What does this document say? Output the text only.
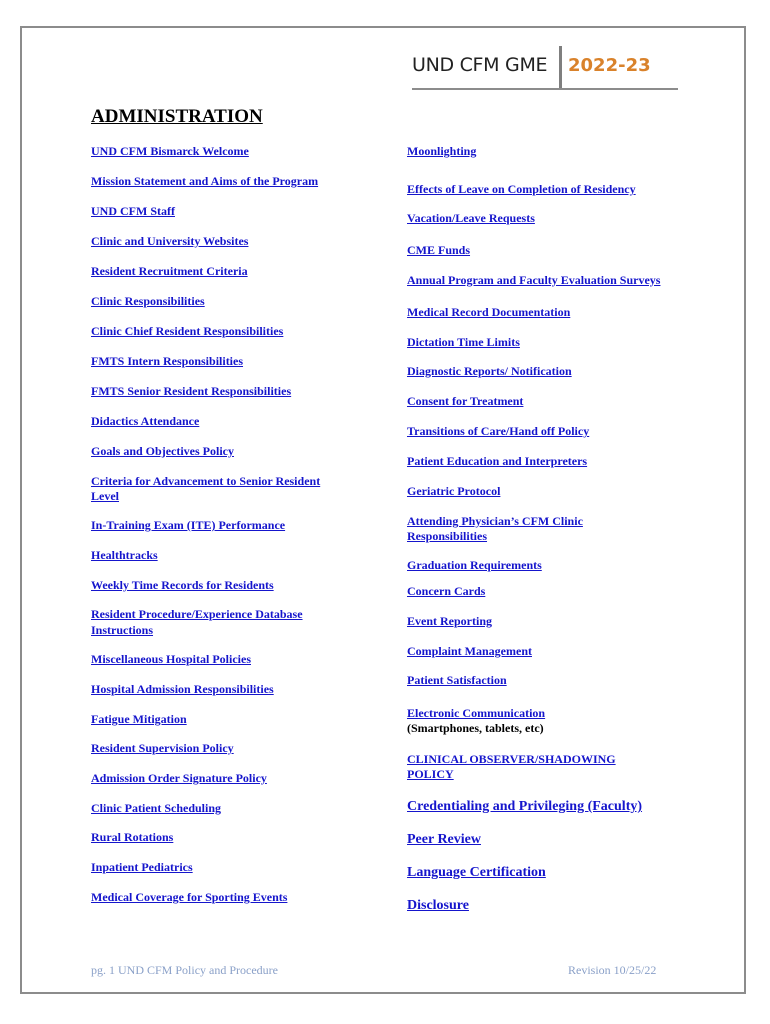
UND CFM GME 2022-23
ADMINISTRATION
UND CFM Bismarck Welcome
Mission Statement and Aims of the Program
UND CFM Staff
Clinic and University Websites
Resident Recruitment Criteria
Clinic Responsibilities
Clinic Chief Resident Responsibilities
FMTS Intern Responsibilities
FMTS Senior Resident Responsibilities
Didactics Attendance
Goals and Objectives Policy
Criteria for Advancement to Senior Resident
Level
In-Training Exam (ITE) Performance
Healthtracks
Weekly Time Records for Residents
Resident Procedure/Experience Database
Instructions
Miscellaneous Hospital Policies
Hospital Admission Responsibilities
Fatigue Mitigation
Resident Supervision Policy
Admission Order Signature Policy
Clinic Patient Scheduling
Rural Rotations
Inpatient Pediatrics
Medical Coverage for Sporting Events
Moonlighting
Effects of Leave on Completion of Residency
Vacation/Leave Requests
CME Funds
Annual Program and Faculty Evaluation Surveys
Medical Record Documentation
Dictation Time Limits
Diagnostic Reports/ Notification
Consent for Treatment
Transitions of Care/Hand off Policy
Patient Education and Interpreters
Geriatric Protocol
Attending Physician’s CFM Clinic
Responsibilities
Graduation Requirements
Concern Cards
Event Reporting
Complaint Management
Patient Satisfaction
Electronic Communication
(Smartphones, tablets, etc)
CLINICAL OBSERVER/SHADOWING
POLICY
Credentialing and Privileging (Faculty)
Peer Review
Language Certification
Disclosure
pg. 1 UND CFM Policy and Procedure	Revision 10/25/22
